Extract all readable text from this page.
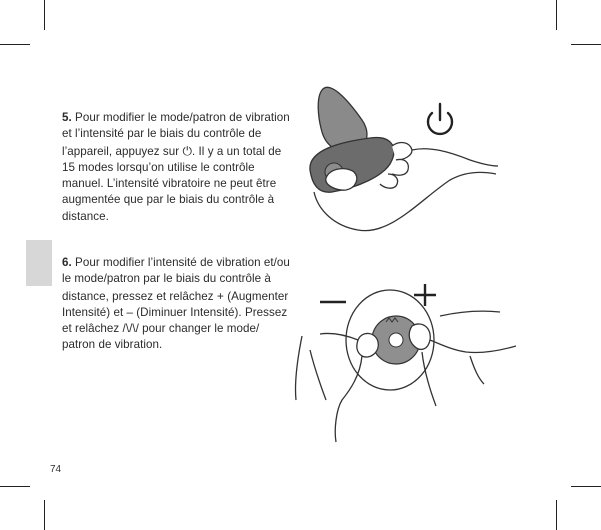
5. Pour modifier le mode/patron de vibration et l’intensité par le biais du contrôle de l’appareil, appuyez sur ⏻. Il y a un total de 15 modes lorsqu’on utilise le contrôle manuel. L’intensité vibratoire ne peut être augmentée que par le biais du contrôle à distance.
6. Pour modifier l’intensité de vibration et/ou le mode/patron par le biais du contrôle à distance, pressez et relâchez + (Augmenter Intensité) et – (Diminuer Intensité). Pressez et relâchez /\/\/ pour changer le mode/ patron de vibration.
74
